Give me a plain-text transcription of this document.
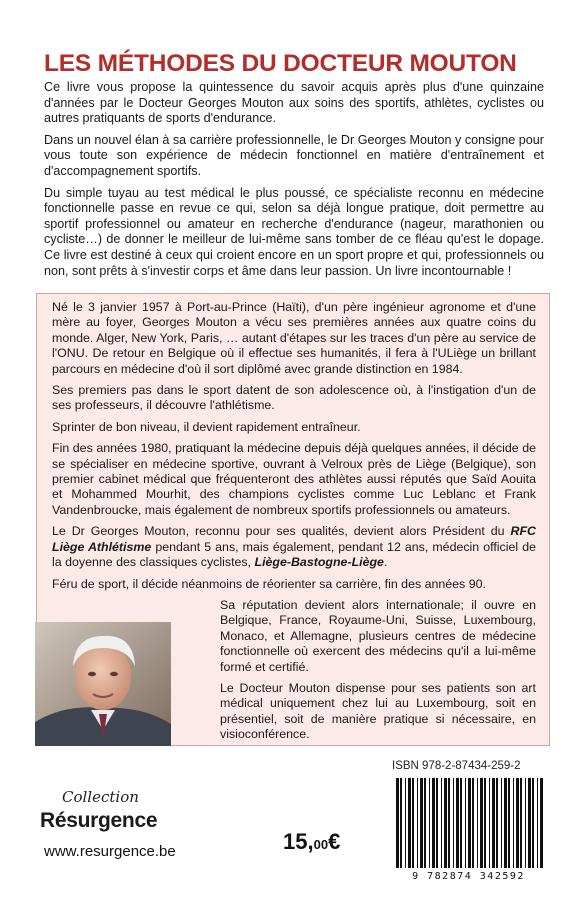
LES MÉTHODES DU DOCTEUR MOUTON

Ce livre vous propose la quintessence du savoir acquis après plus d'une quinzaine d'années par le Docteur Georges Mouton aux soins des sportifs, athlètes, cyclistes ou autres pratiquants de sports d'endurance.

Dans un nouvel élan à sa carrière professionnelle, le Dr Georges Mouton y consigne pour vous toute son expérience de médecin fonctionnel en matière d'entraînement et d'accompagnement sportifs.

Du simple tuyau au test médical le plus poussé, ce spécialiste reconnu en médecine fonctionnelle passe en revue ce qui, selon sa déjà longue pratique, doit permettre au sportif professionnel ou amateur en recherche d'endurance (nageur, marathonien ou cycliste…) de donner le meilleur de lui-même sans tomber de ce fléau qu'est le dopage. Ce livre est destiné à ceux qui croient encore en un sport propre et qui, professionnels ou non, sont prêts à s'investir corps et âme dans leur passion. Un livre incontournable !

Né le 3 janvier 1957 à Port-au-Prince (Haïti), d'un père ingénieur agronome et d'une mère au foyer, Georges Mouton a vécu ses premières années aux quatre coins du monde. Alger, New York, Paris, … autant d'étapes sur les traces d'un père au service de l'ONU. De retour en Belgique où il effectue ses humanités, il fera à l'ULiège un brillant parcours en médecine d'où il sort diplômé avec grande distinction en 1984.

Ses premiers pas dans le sport datent de son adolescence où, à l'instigation d'un de ses professeurs, il découvre l'athlétisme.

Sprinter de bon niveau, il devient rapidement entraîneur.

Fin des années 1980, pratiquant la médecine depuis déjà quelques années, il décide de se spécialiser en médecine sportive, ouvrant à Velroux près de Liège (Belgique), son premier cabinet médical que fréquenteront des athlètes aussi réputés que Saïd Aouita et Mohammed Mourhit, des champions cyclistes comme Luc Leblanc et Frank Vandenbroucke, mais également de nombreux sportifs professionnels ou amateurs.

Le Dr Georges Mouton, reconnu pour ses qualités, devient alors Président du RFC Liège Athlétisme pendant 5 ans, mais également, pendant 12 ans, médecin officiel de la doyenne des classiques cyclistes, Liège-Bastogne-Liège.

Féru de sport, il décide néanmoins de réorienter sa carrière, fin des années 90.

Sa réputation devient alors internationale; il ouvre en Belgique, France, Royaume-Uni, Suisse, Luxembourg, Monaco, et Allemagne, plusieurs centres de médecine fonctionnelle où exercent des médecins qu'il a lui-même formé et certifié.

Le Docteur Mouton dispense pour ses patients son art médical uniquement chez lui au Luxembourg, soit en présentiel, soit de manière pratique si nécessaire, en visioconférence.

ISBN 978-2-87434-259-2
9 782874 342592
Collection
Résurgence
www.resurgence.be	15,00€
